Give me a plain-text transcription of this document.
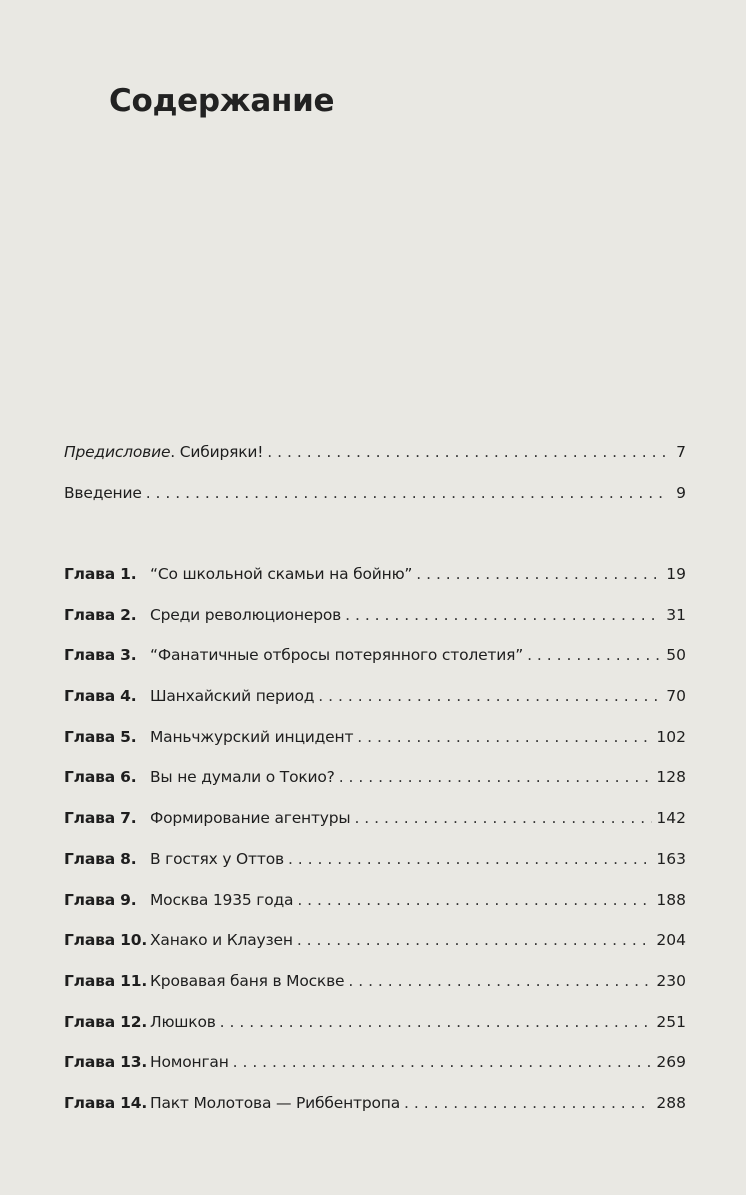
Содержание
Предисловие. Сибиряки! . . .	7
Введение . . .	9
Глава 1. “Со школьной скамьи на бойню” . . .	19
Глава 2. Среди революционеров . . .	31
Глава 3. “Фанатичные отбросы потерянного столетия” . . .	50
Глава 4. Шанхайский период . . .	70
Глава 5. Маньчжурский инцидент . . .	102
Глава 6. Вы не думали о Токио? . . .	128
Глава 7. Формирование агентуры . . .	142
Глава 8. В гостях у Оттов . . .	163
Глава 9. Москва 1935 года . . .	188
Глава 10. Ханако и Клаузен . . .	204
Глава 11. Кровавая баня в Москве . . .	230
Глава 12. Люшков . . .	251
Глава 13. Номонган . . .	269
Глава 14. Пакт Молотова — Риббентропа . . .	288
